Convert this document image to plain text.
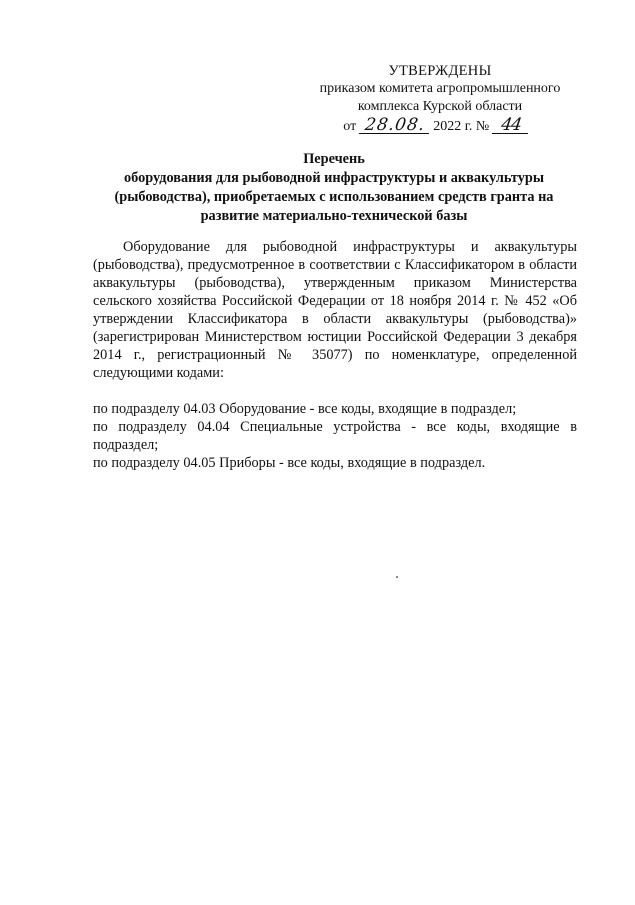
УТВЕРЖДЕНЫ
приказом комитета агропромышленного
комплекса Курской области
от 28.08. 2022 г. № 44
Перечень
оборудования для рыбоводной инфраструктуры и аквакультуры
(рыбоводства), приобретаемых с использованием средств гранта на
развитие материально-технической базы

Оборудование для рыбоводной инфраструктуры и аквакультуры (рыбоводства), предусмотренное в соответствии с Классификатором в области аквакультуры (рыбоводства), утвержденным приказом Министерства сельского хозяйства Российской Федерации от 18 ноября 2014 г. № 452 «Об утверждении Классификатора в области аквакультуры (рыбоводства)» (зарегистрирован Министерством юстиции Российской Федерации 3 декабря 2014 г., регистрационный № 35077) по номенклатуре, определенной следующими кодами:

по подразделу 04.03 Оборудование - все коды, входящие в подраздел;

по подразделу 04.04 Специальные устройства - все коды, входящие в подраздел;

по подразделу 04.05 Приборы - все коды, входящие в подраздел.
